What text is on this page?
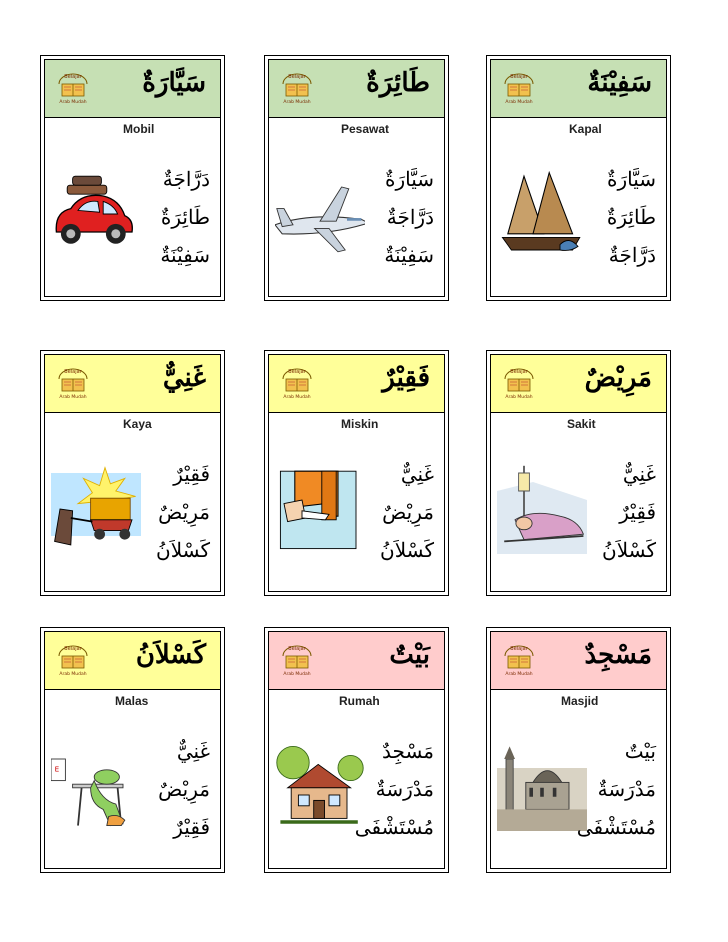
Belajar
Arab Mudah
سَيَّارَةٌ
Mobil
دَرَّاجَةٌ
طَائِرَةٌ
سَفِيْنَةٌ
Belajar
Arab Mudah
طَائِرَةٌ
Pesawat
سَيَّارَةٌ
دَرَّاجَةٌ
سَفِيْنَةٌ
Belajar
Arab Mudah
سَفِيْنَةٌ
Kapal
سَيَّارَةٌ
طَائِرَةٌ
دَرَّاجَةٌ
Belajar
Arab Mudah
غَنِيٌّ
Kaya
فَقِيْرٌ
مَرِيْضٌ
كَسْلاَنُ
Belajar
Arab Mudah
فَقِيْرٌ
Miskin
غَنِيٌّ
مَرِيْضٌ
كَسْلاَنُ
Belajar
Arab Mudah
مَرِيْضٌ
Sakit
غَنِيٌّ
فَقِيْرٌ
كَسْلاَنُ
Belajar
Arab Mudah
كَسْلاَنُ
Malas
E
غَنِيٌّ
مَرِيْضٌ
فَقِيْرٌ
Belajar
Arab Mudah
بَيْتٌ
Rumah
مَسْجِدٌ
مَدْرَسَةٌ
مُسْتَشْفَى
Belajar
Arab Mudah
مَسْجِدٌ
Masjid
بَيْتٌ
مَدْرَسَةٌ
مُسْتَشْفَى
